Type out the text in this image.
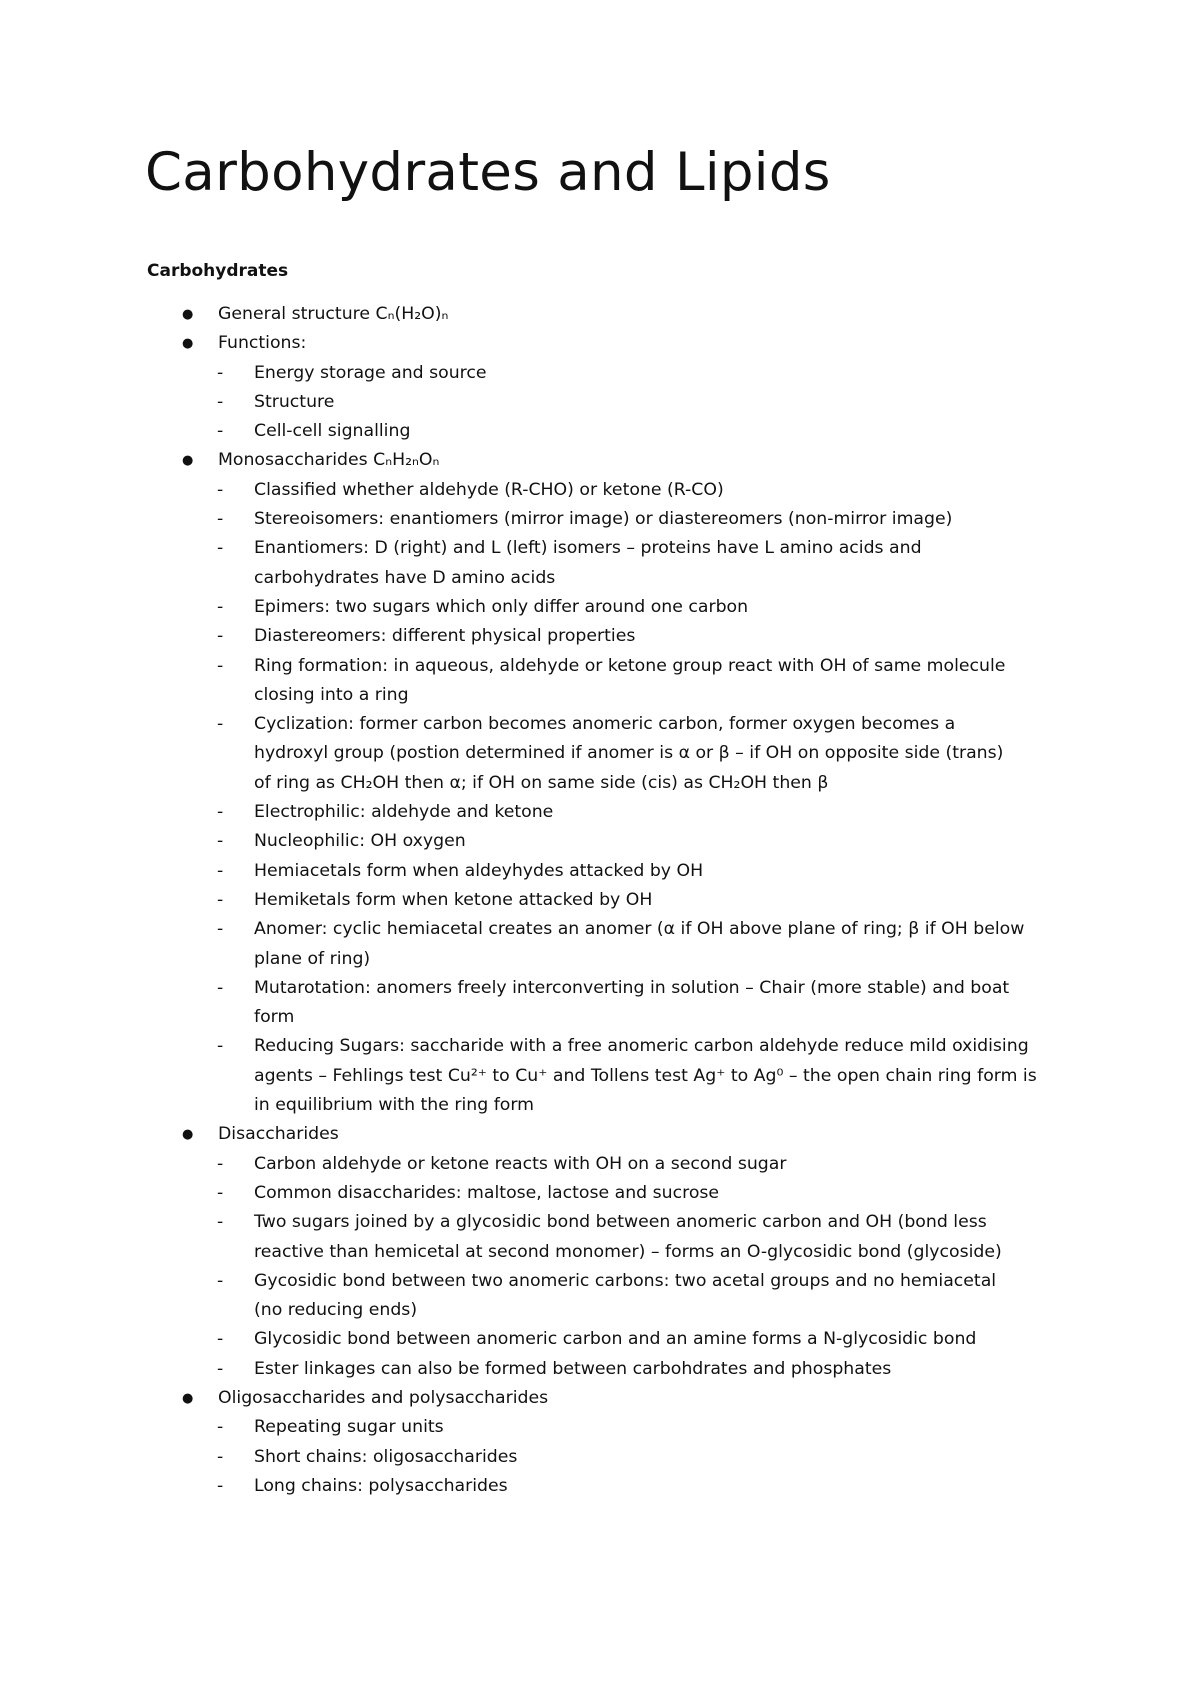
Carbohydrates and Lipids
Carbohydrates
● General structure Cₙ(H₂O)ₙ
● Functions:
- Energy storage and source
- Structure
- Cell-cell signalling
● Monosaccharides CₙH₂ₙOₙ
- Classified whether aldehyde (R-CHO) or ketone (R-CO)
- Stereoisomers: enantiomers (mirror image) or diastereomers (non-mirror image)
- Enantiomers: D (right) and L (left) isomers – proteins have L amino acids and
carbohydrates have D amino acids
- Epimers: two sugars which only differ around one carbon
- Diastereomers: different physical properties
- Ring formation: in aqueous, aldehyde or ketone group react with OH of same molecule
closing into a ring
- Cyclization: former carbon becomes anomeric carbon, former oxygen becomes a
hydroxyl group (postion determined if anomer is α or β – if OH on opposite side (trans)
of ring as CH₂OH then α; if OH on same side (cis) as CH₂OH then β
- Electrophilic: aldehyde and ketone
- Nucleophilic: OH oxygen
- Hemiacetals form when aldeyhydes attacked by OH
- Hemiketals form when ketone attacked by OH
- Anomer: cyclic hemiacetal creates an anomer (α if OH above plane of ring; β if OH below
plane of ring)
- Mutarotation: anomers freely interconverting in solution – Chair (more stable) and boat
form
- Reducing Sugars: saccharide with a free anomeric carbon aldehyde reduce mild oxidising
agents – Fehlings test Cu²⁺ to Cu⁺ and Tollens test Ag⁺ to Ag⁰ – the open chain ring form is
in equilibrium with the ring form
● Disaccharides
- Carbon aldehyde or ketone reacts with OH on a second sugar
- Common disaccharides: maltose, lactose and sucrose
- Two sugars joined by a glycosidic bond between anomeric carbon and OH (bond less
reactive than hemicetal at second monomer) – forms an O-glycosidic bond (glycoside)
- Gycosidic bond between two anomeric carbons: two acetal groups and no hemiacetal
(no reducing ends)
- Glycosidic bond between anomeric carbon and an amine forms a N-glycosidic bond
- Ester linkages can also be formed between carbohdrates and phosphates
● Oligosaccharides and polysaccharides
- Repeating sugar units
- Short chains: oligosaccharides
- Long chains: polysaccharides
